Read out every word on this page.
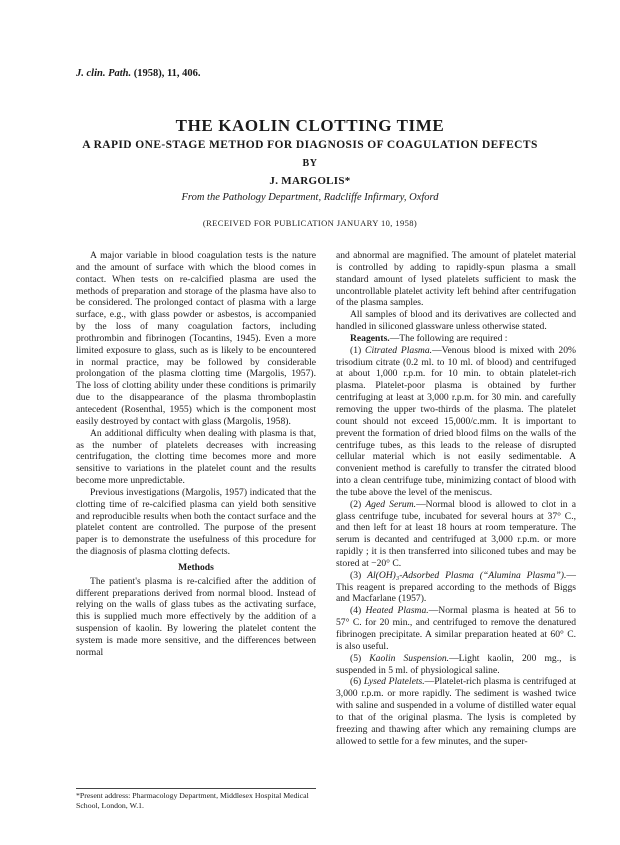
J. clin. Path. (1958), 11, 406.
THE KAOLIN CLOTTING TIME
A RAPID ONE-STAGE METHOD FOR DIAGNOSIS OF COAGULATION DEFECTS
BY
J. MARGOLIS*
From the Pathology Department, Radcliffe Infirmary, Oxford
(RECEIVED FOR PUBLICATION JANUARY 10, 1958)

A major variable in blood coagulation tests is the nature and the amount of surface with which the blood comes in contact. When tests on re-calcified plasma are used the methods of preparation and storage of the plasma have also to be considered. The prolonged contact of plasma with a large surface, e.g., with glass powder or asbestos, is accompanied by the loss of many coagulation factors, including prothrombin and fibrinogen (Tocantins, 1945). Even a more limited exposure to glass, such as is likely to be encountered in normal practice, may be followed by considerable prolongation of the plasma clotting time (Margolis, 1957). The loss of clotting ability under these conditions is primarily due to the disappearance of the plasma thromboplastin antecedent (Rosenthal, 1955) which is the component most easily destroyed by contact with glass (Margolis, 1958).

An additional difficulty when dealing with plasma is that, as the number of platelets decreases with increasing centrifugation, the clotting time becomes more and more sensitive to variations in the platelet count and the results become more unpredictable.

Previous investigations (Margolis, 1957) indicated that the clotting time of re-calcified plasma can yield both sensitive and reproducible results when both the contact surface and the platelet content are controlled. The purpose of the present paper is to demonstrate the usefulness of this procedure for the diagnosis of plasma clotting defects.

Methods

The patient's plasma is re-calcified after the addition of different preparations derived from normal blood. Instead of relying on the walls of glass tubes as the activating surface, this is supplied much more effectively by the addition of a suspension of kaolin. By lowering the platelet content the system is made more sensitive, and the differences between normal

*Present address: Pharmacology Department, Middlesex Hospital Medical School, London, W.1.

and abnormal are magnified. The amount of platelet material is controlled by adding to rapidly-spun plasma a small standard amount of lysed platelets sufficient to mask the uncontrollable platelet activity left behind after centrifugation of the plasma samples.

All samples of blood and its derivatives are collected and handled in siliconed glassware unless otherwise stated.

Reagents.—The following are required :

(1) Citrated Plasma.—Venous blood is mixed with 20% trisodium citrate (0.2 ml. to 10 ml. of blood) and centrifuged at about 1,000 r.p.m. for 10 min. to obtain platelet-rich plasma. Platelet-poor plasma is obtained by further centrifuging at least at 3,000 r.p.m. for 30 min. and carefully removing the upper two-thirds of the plasma. The platelet count should not exceed 15,000/c.mm. It is important to prevent the formation of dried blood films on the walls of the centrifuge tubes, as this leads to the release of disrupted cellular material which is not easily sedimentable. A convenient method is carefully to transfer the citrated blood into a clean centrifuge tube, minimizing contact of blood with the tube above the level of the meniscus.

(2) Aged Serum.—Normal blood is allowed to clot in a glass centrifuge tube, incubated for several hours at 37° C., and then left for at least 18 hours at room temperature. The serum is decanted and centrifuged at 3,000 r.p.m. or more rapidly ; it is then transferred into siliconed tubes and may be stored at −20° C.

(3) Al(OH)₃-Adsorbed Plasma (“Alumina Plasma”).—This reagent is prepared according to the methods of Biggs and Macfarlane (1957).

(4) Heated Plasma.—Normal plasma is heated at 56 to 57° C. for 20 min., and centrifuged to remove the denatured fibrinogen precipitate. A similar preparation heated at 60° C. is also useful.

(5) Kaolin Suspension.—Light kaolin, 200 mg., is suspended in 5 ml. of physiological saline.

(6) Lysed Platelets.—Platelet-rich plasma is centrifuged at 3,000 r.p.m. or more rapidly. The sediment is washed twice with saline and suspended in a volume of distilled water equal to that of the original plasma. The lysis is completed by freezing and thawing after which any remaining clumps are allowed to settle for a few minutes, and the super-
